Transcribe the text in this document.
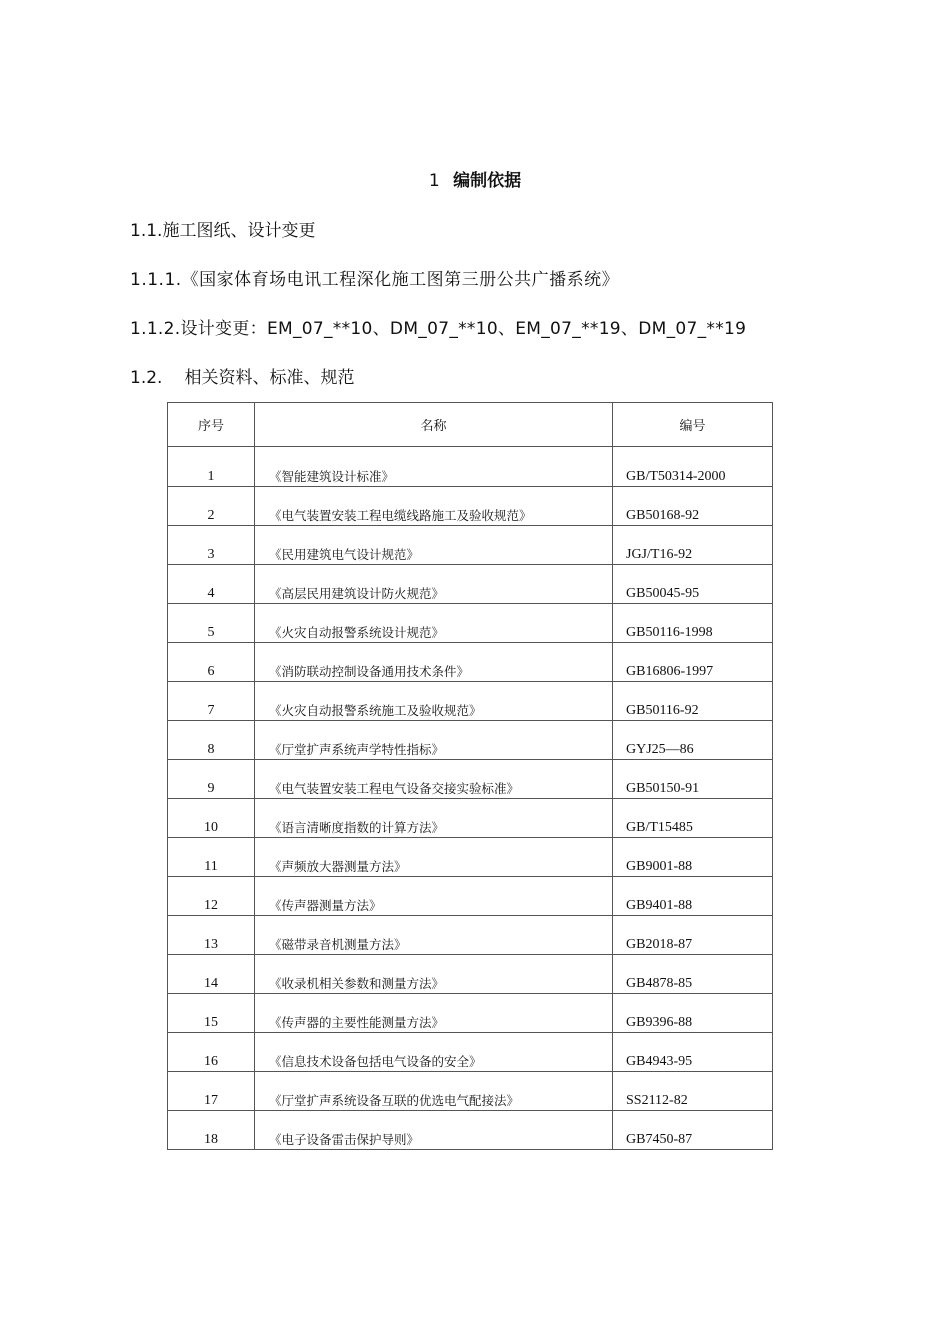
1 编制依据
1.1.施工图纸、设计变更
1.1.1.《国家体育场电讯工程深化施工图第三册公共广播系统》
1.1.2.设计变更：EM_07_**10、DM_07_**10、EM_07_**19、DM_07_**19
1.2. 相关资料、标准、规范
序号	名称	编号

1	《智能建筑设计标准》	GB/T50314-2000

2	《电气装置安装工程电缆线路施工及验收规范》	GB50168-92

3	《民用建筑电气设计规范》	JGJ/T16-92

4	《高层民用建筑设计防火规范》	GB50045-95

5	《火灾自动报警系统设计规范》	GB50116-1998

6	《消防联动控制设备通用技术条件》	GB16806-1997

7	《火灾自动报警系统施工及验收规范》	GB50116-92

8	《厅堂扩声系统声学特性指标》	GYJ25—86

9	《电气装置安装工程电气设备交接实验标准》	GB50150-91

10	《语言清晰度指数的计算方法》	GB/T15485

11	《声频放大器测量方法》	GB9001-88

12	《传声器测量方法》	GB9401-88

13	《磁带录音机测量方法》	GB2018-87

14	《收录机相关参数和测量方法》	GB4878-85

15	《传声器的主要性能测量方法》	GB9396-88

16	《信息技术设备包括电气设备的安全》	GB4943-95

17	《厅堂扩声系统设备互联的优选电气配接法》	SS2112-82

18	《电子设备雷击保护导则》	GB7450-87
